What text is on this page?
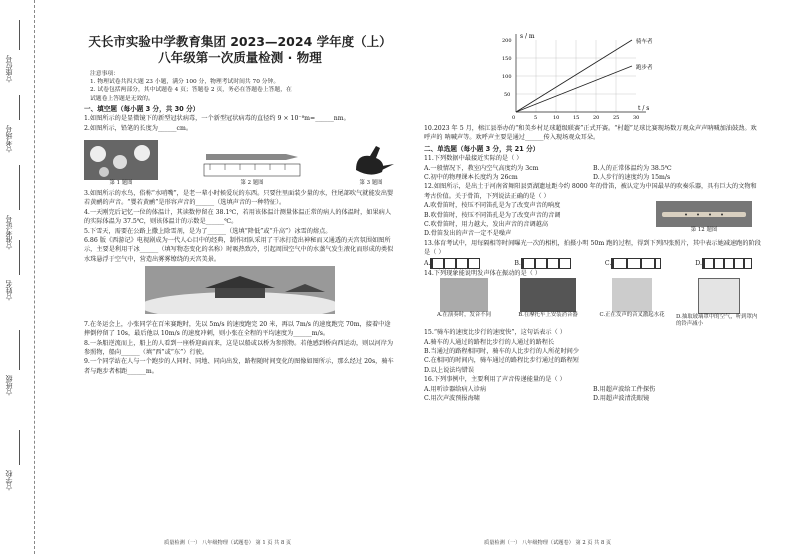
☆学校
☆班级
☆姓名
☆准考证号
☆考场号
☆座位号
天长市实验中学教育集团 2023—2024 学年度（上）
八年级第一次质量检测 · 物理
注意事项：
1. 物理试卷共四大题 23 小题，满分 100 分，物理考试时间共 70 分钟。
2. 试卷包括两部分，其中试题卷 4 页；答题卷 2 页，务必在答题卷上答题，在
试题卷上答题是无效的。
一、填空题（每小题 3 分，共 30 分）

1.如图所示的是显微镜下的新型冠状病毒，一个新型冠状病毒的直径约 9 × 10⁻⁸m=______nm。

2.如图所示，铅笔的长度为______cm。

第 1 题图	第 2 题图	第 3 题图

3.如图所示的水鸟，俗称“水哨嘴”，是老一辈小时候爱玩的东西。只要往里面装少量的水，往尾部吹气就能发出婴若黄鹂的声音。“婴若黄鹂”是形容声音的______（选填声音的一种特征）。

4.一天刚完后记忆一位的体温计，其读数停留在 38.1℃，若用该体温计测量体温正常的病人的体温时，如果病人的实际体温为 37.5℃，则该体温计的示数是______℃。

5.下雪天，需要在公路上撒上除雪剂，是为了______（选填“降低”或“升高”）冰雪的熔点。

6.86 版《西游记》电视剧成为一代人心目中的经典，制作团队采用了干冰打造出神秘而又通透的天宫氛围如图所示，主要是利用干冰______（填写物态变化的名称）时吸热致冷，引起周围空气中的水蒸气发生液化而形成的类似水珠悬浮于空气中，营造出雾雾缭绕的天宫美景。

7.在冬运会上，小张同学在百米赛跑时，先以 5m/s 的速度跑完 20 米，再以 7m/s 的速度跑完 70m，接着中途摔倒停留了 10s，最后他以 10m/s 的速度冲刺，则小张在全程的平均速度为______m/s。

8.一条船逆流而上，船上的人看到一座桥迎面而来，这是以船或以桥为参照物。若他感到桥向西运动，则以河岸为参照物，船向______（填“西”或“东”）行驶。

9.一个同学站在人与一个跑步的人同时、同地、同向出发，路程随时间变化的图像如图所示，那么经过 20s，骑车者与跑步者相距______m。

质量检测（一） 八年级物理（试题卷） 第 1 页 共 8 页
s / m
t / s
骑车者
跑步者
0	5	10	15	20	25	30
50
100
150
200

10.2023 年 5 月，榕江县举办的“和美乡村足球超级联赛”正式开赛。“村超”足球比赛现场数万观众声声呐喊加油鼓劲。欢呼声的 呐喊声等。欢呼声主要是通过______传入现场观众耳朵。

二、单选题（每小题 3 分，共 21 分）

11.下列数据中最接近实际的是（ ）

A.一般情况下，教室内空气高度约为 3cm	B.人的正常体温约为 38.5℃
C.初中的物理课本长度约为 26cm	D.人步行的速度约为 15m/s

12.如图所示，是出土于河南省舞阳县贾湖遗址距今约 8000 年的骨笛，被认定为中国最早的吹奏乐器，具有巨大的文物和考古价值。关于骨笛，下列说法正确的是（ ）

A.吹骨笛时，按压不同笛孔是为了改变声音的响度
B.吹骨笛时，按压不同笛孔是为了改变声音的音调
C.吹骨笛时，用力越大，发出声音的音调越高
D.骨笛发出的声音一定不是噪声
第 12 题图

13.体育考试中，用每隔相等时间曝光一次的相机，拍摄小明 50m 跑的过程，得到下列四张照片，其中表示她减速跑的阶段是（ ）

A.	B.	C.	D.

14.下列现象能说明发声体在振动的是（ ）

A.在演奏时，发音不同	B.在摩托车上安装消音器	C.正在发声的音叉激起水花 D.抽取玻璃罩中的空气，听到罩内的铃声减小

15.“骑车的速度比步行的速度快”，这句话表示（ ）

A.骑车的人通过的路程比步行的人通过的路程长
B.当通过的路程相同时，骑车的人比步行的人所花时间少
C.在相同的时间内，骑车通过的路程比步行通过的路程短
D.以上说法均错误

16.下列事例中，主要利用了声音传递能量的是（ ）

A.用听诊器给病人诊病	B.用超声波给工件探伤
C.用次声波预报海啸	D.用超声波清洗眼镜
质量检测（一） 八年级物理（试题卷） 第 2 页 共 8 页
